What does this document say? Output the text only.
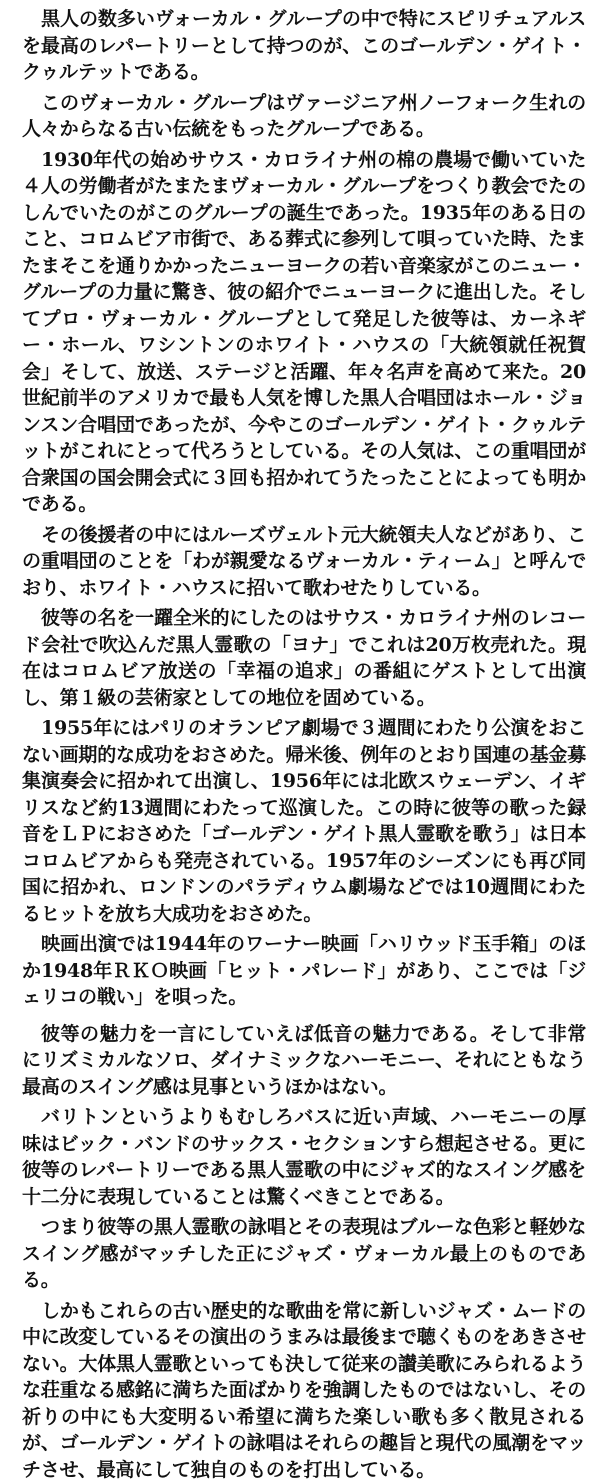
黒人の数多いヴォーカル・グループの中で特にスピリチュアルスを最高のレパートリーとして持つのが、このゴールデン・ゲイト・クゥルテットである。

このヴォーカル・グループはヴァージニア州ノーフォーク生れの人々からなる古い伝統をもったグループである。

1930年代の始めサウス・カロライナ州の棉の農場で働いていた４人の労働者がたまたまヴォーカル・グループをつくり教会でたのしんでいたのがこのグループの誕生であった。1935年のある日のこと、コロムビア市街で、ある葬式に参列して唄っていた時、たまたまそこを通りかかったニューヨークの若い音楽家がこのニュー・グループの力量に驚き、彼の紹介でニューヨークに進出した。そしてプロ・ヴォーカル・グループとして発足した彼等は、カーネギー・ホール、ワシントンのホワイト・ハウスの「大統領就任祝賀会」そして、放送、ステージと活躍、年々名声を高めて来た。20世紀前半のアメリカで最も人気を博した黒人合唱団はホール・ジョンスン合唱団であったが、今やこのゴールデン・ゲイト・クゥルテットがこれにとって代ろうとしている。その人気は、この重唱団が合衆国の国会開会式に３回も招かれてうたったことによっても明かである。

その後援者の中にはルーズヴェルト元大統領夫人などがあり、この重唱団のことを「わが親愛なるヴォーカル・ティーム」と呼んでおり、ホワイト・ハウスに招いて歌わせたりしている。

彼等の名を一躍全米的にしたのはサウス・カロライナ州のレコード会社で吹込んだ黒人霊歌の「ヨナ」でこれは20万枚売れた。現在はコロムビア放送の「幸福の追求」の番組にゲストとして出演し、第１級の芸術家としての地位を固めている。

1955年にはパリのオランピア劇場で３週間にわたり公演をおこない画期的な成功をおさめた。帰米後、例年のとおり国連の基金募集演奏会に招かれて出演し、1956年には北欧スウェーデン、イギリスなど約13週間にわたって巡演した。この時に彼等の歌った録音をＬＰにおさめた「ゴールデン・ゲイト黒人霊歌を歌う」は日本コロムビアからも発売されている。1957年のシーズンにも再び同国に招かれ、ロンドンのパラディウム劇場などでは10週間にわたるヒットを放ち大成功をおさめた。

映画出演では1944年のワーナー映画「ハリウッド玉手箱」のほか1948年ＲＫＯ映画「ヒット・パレード」があり、ここでは「ジェリコの戦い」を唄った。

彼等の魅力を一言にしていえば低音の魅力である。そして非常にリズミカルなソロ、ダイナミックなハーモニー、それにともなう最高のスイング感は見事というほかはない。

バリトンというよりもむしろバスに近い声域、ハーモニーの厚味はビック・バンドのサックス・セクションすら想起させる。更に彼等のレパートリーである黒人霊歌の中にジャズ的なスイング感を十二分に表現していることは驚くべきことである。

つまり彼等の黒人霊歌の詠唱とその表現はブルーな色彩と軽妙なスイング感がマッチした正にジャズ・ヴォーカル最上のものである。

しかもこれらの古い歴史的な歌曲を常に新しいジャズ・ムードの中に改変しているその演出のうまみは最後まで聴くものをあきさせない。大体黒人霊歌といっても決して従来の讃美歌にみられるような荘重なる感銘に満ちた面ばかりを強調したものではないし、その祈りの中にも大変明るい希望に満ちた楽しい歌も多く散見されるが、ゴールデン・ゲイトの詠唱はそれらの趣旨と現代の風潮をマッチさせ、最高にして独自のものを打出している。
